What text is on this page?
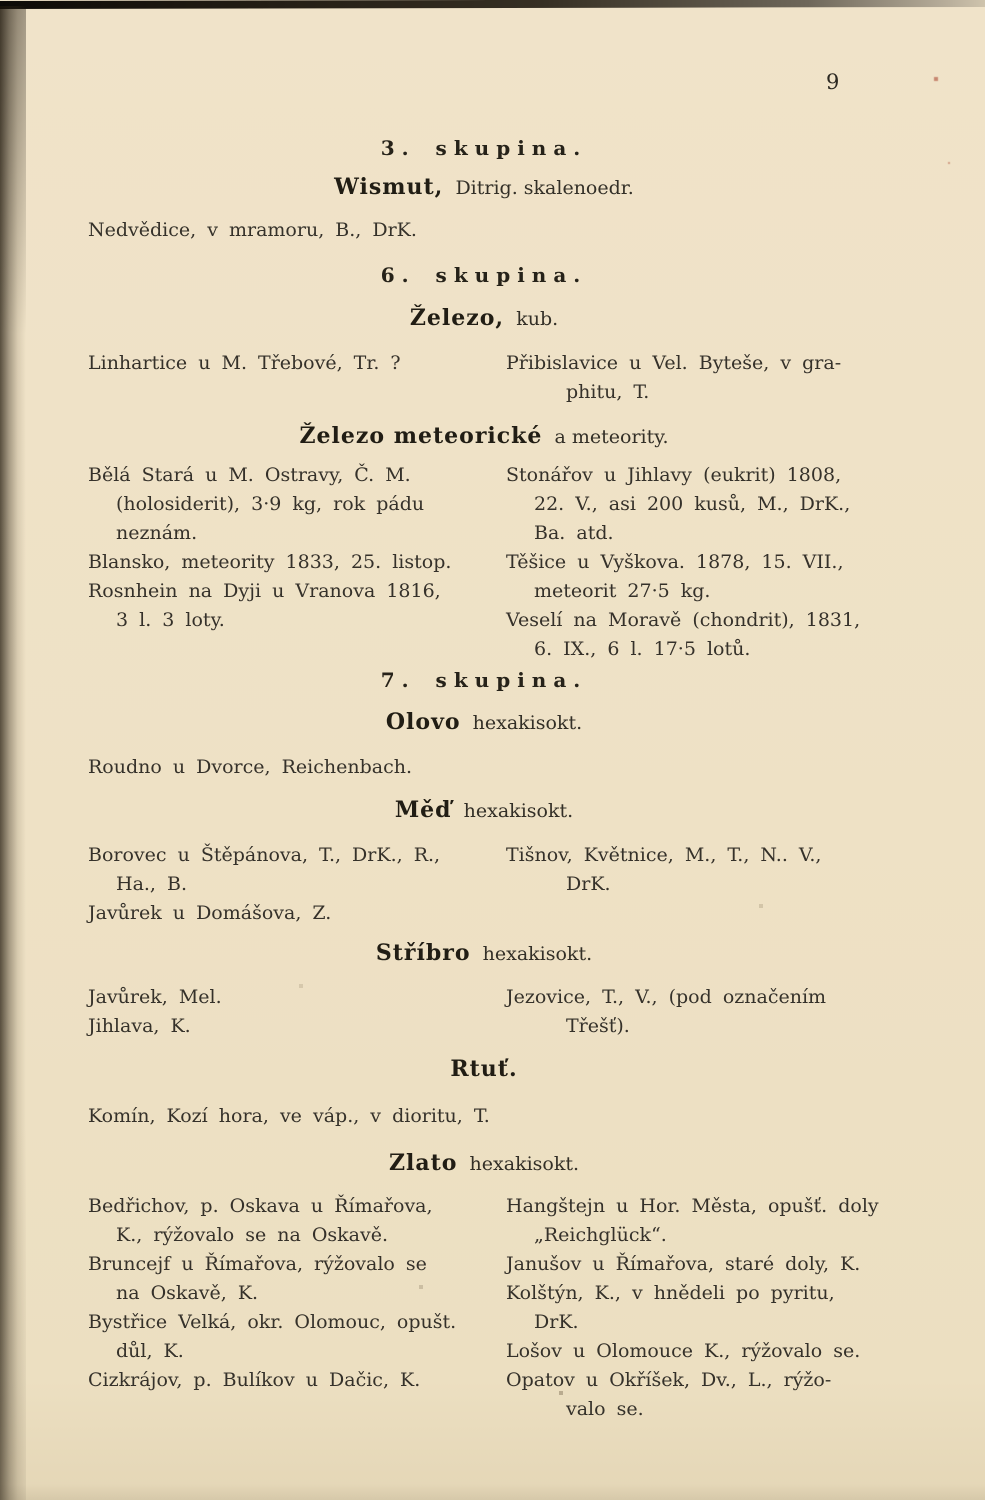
9
3. skupina.
Wismut, Ditrig. skalenoedr.
Nedvědice, v mramoru, B., DrK.
6. skupina.
Železo, kub.
Linhartice u M. Třebové, Tr. ?	Přibislavice u Vel. Byteše, v gra-
phitu, T.
Železo meteorické a meteority.
Bělá Stará u M. Ostravy, Č. M.
(holosiderit), 3·9 kg, rok pádu
neznám.
Blansko, meteority 1833, 25. listop.
Rosnhein na Dyji u Vranova 1816,
3 l. 3 loty.
Stonářov u Jihlavy (eukrit) 1808,
22. V., asi 200 kusů, M., DrK.,
Ba. atd.
Těšice u Vyškova. 1878, 15. VII.,
meteorit 27·5 kg.
Veselí na Moravě (chondrit), 1831,
6. IX., 6 l. 17·5 lotů.
7. skupina.
Olovo hexakisokt.
Roudno u Dvorce, Reichenbach.
Měď hexakisokt.
Borovec u Štěpánova, T., DrK., R.,
Ha., B.
Javůrek u Domášova, Z.
Tišnov, Květnice, M., T., N.. V.,
DrK.
Stříbro hexakisokt.
Javůrek, Mel.
Jihlava, K.
Jezovice, T., V., (pod označením
Třešť).
Rtuť.
Komín, Kozí hora, ve váp., v dioritu, T.
Zlato hexakisokt.
Bedřichov, p. Oskava u Římařova,
K., rýžovalo se na Oskavě.
Bruncejf u Římařova, rýžovalo se
na Oskavě, K.
Bystřice Velká, okr. Olomouc, opušt.
důl, K.
Cizkrájov, p. Bulíkov u Dačic, K.
Hangštejn u Hor. Města, opušť. doly
„Reichglück“.
Janušov u Římařova, staré doly, K.
Kolštýn, K., v hnědeli po pyritu, DrK.
Lošov u Olomouce K., rýžovalo se.
Opatov u Okříšek, Dv., L., rýžo-
valo se.
